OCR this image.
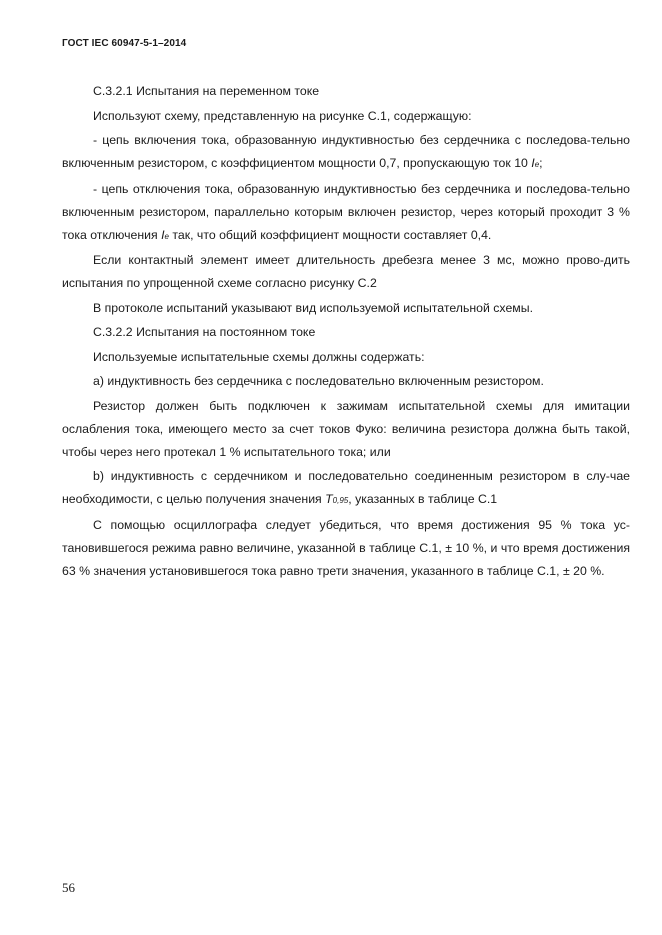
ГОСТ IEC 60947-5-1–2014

С.3.2.1 Испытания на переменном токе

Используют схему, представленную на рисунке С.1, содержащую:

- цепь включения тока, образованную индуктивностью без сердечника с последова-тельно включенным резистором, с коэффициентом мощности 0,7, пропускающую ток 10 Ie;

- цепь отключения тока, образованную индуктивностью без сердечника и последова-тельно включенным резистором, параллельно которым включен резистор, через который проходит 3 % тока отключения Ie так, что общий коэффициент мощности составляет 0,4.

Если контактный элемент имеет длительность дребезга менее 3 мс, можно прово-дить испытания по упрощенной схеме согласно рисунку С.2

В протоколе испытаний указывают вид используемой испытательной схемы.

С.3.2.2 Испытания на постоянном токе

Используемые испытательные схемы должны содержать:

а) индуктивность без сердечника с последовательно включенным резистором.

Резистор должен быть подключен к зажимам испытательной схемы для имитации ослабления тока, имеющего место за счет токов Фуко: величина резистора должна быть такой, чтобы через него протекал 1 % испытательного тока; или

b) индуктивность с сердечником и последовательно соединенным резистором в слу-чае необходимости, с целью получения значения T0,95, указанных в таблице С.1

С помощью осциллографа следует убедиться, что время достижения 95 % тока ус-тановившегося режима равно величине, указанной в таблице С.1, ± 10 %, и что время достижения 63 % значения установившегося тока равно трети значения, указанного в таблице С.1, ± 20 %.

56
